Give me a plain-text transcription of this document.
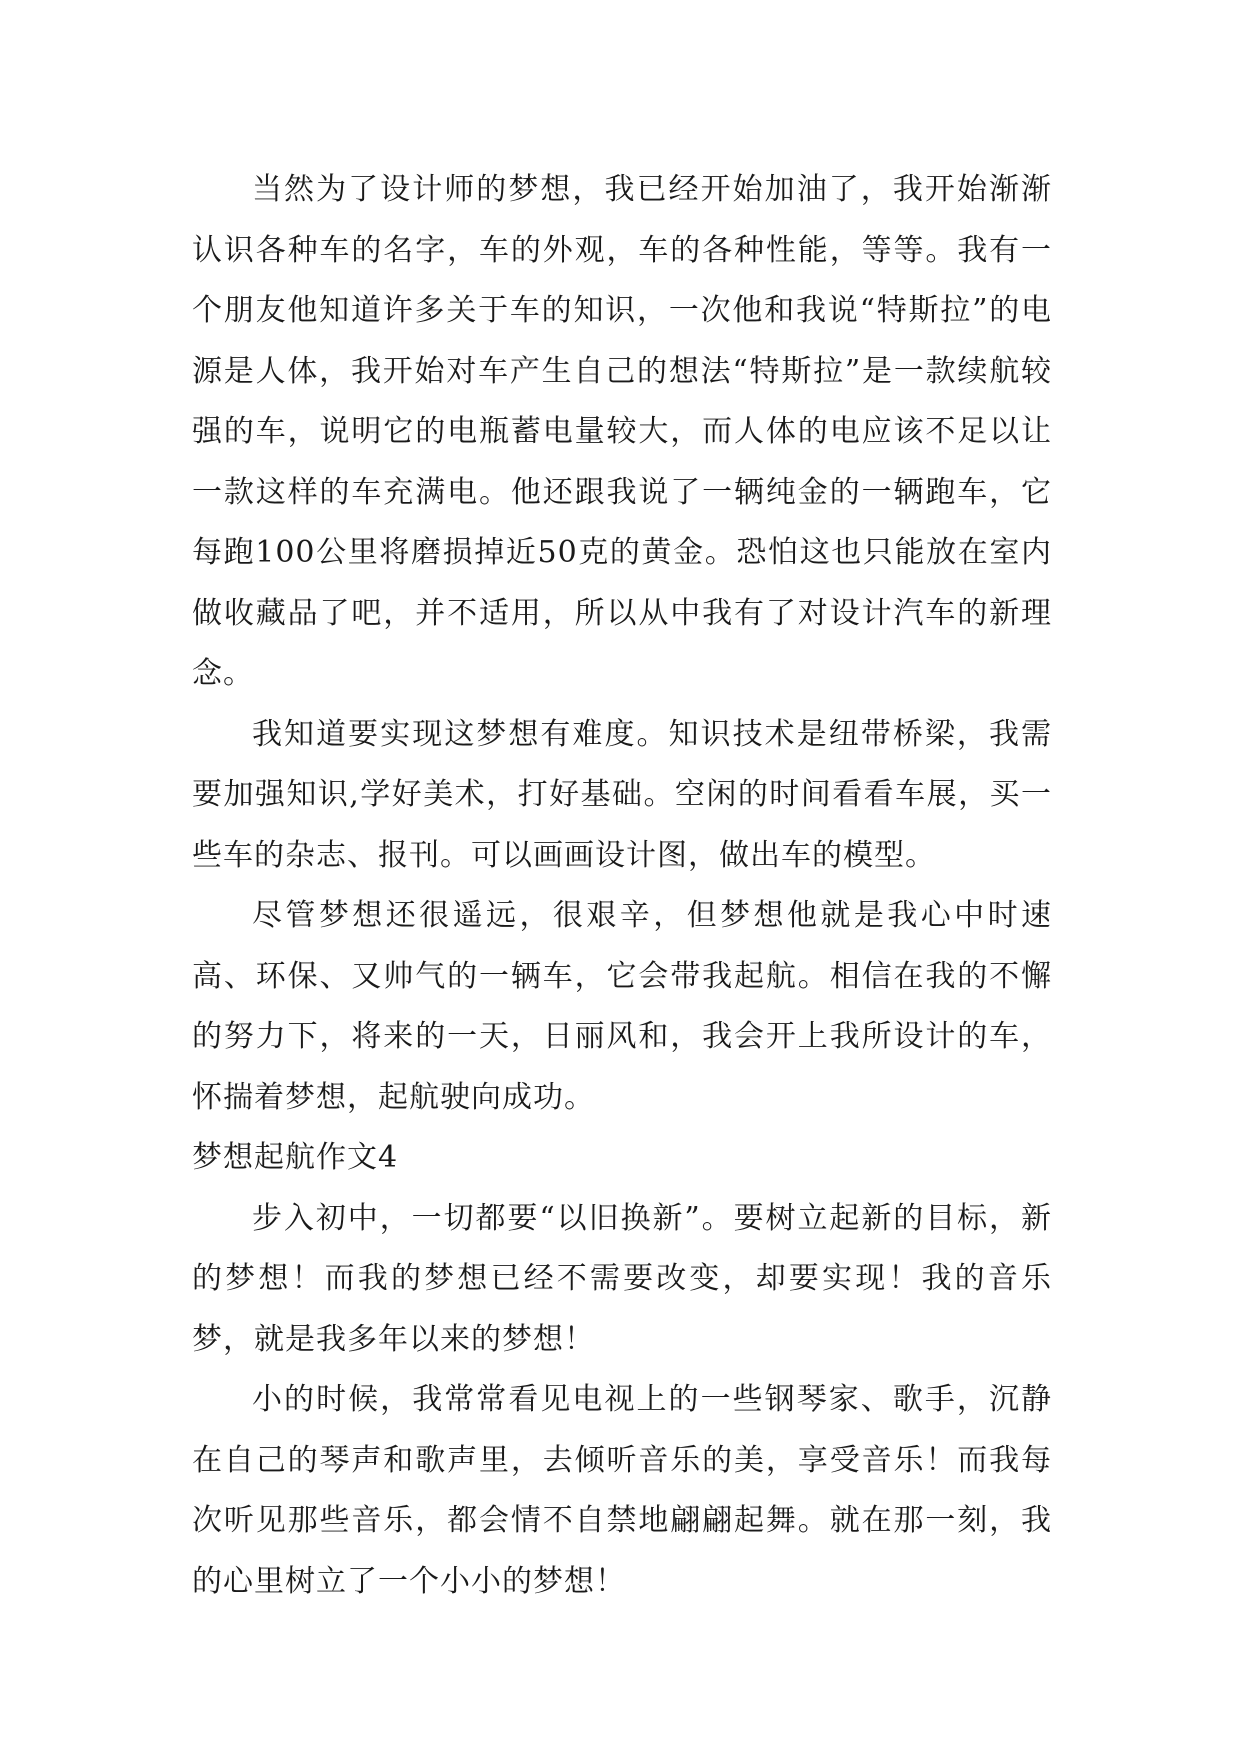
当然为了设计师的梦想，我已经开始加油了，我开始渐渐认识各种车的名字，车的外观，车的各种性能，等等。我有一个朋友他知道许多关于车的知识，一次他和我说“特斯拉”的电源是人体，我开始对车产生自己的想法“特斯拉”是一款续航较强的车，说明它的电瓶蓄电量较大，而人体的电应该不足以让一款这样的车充满电。他还跟我说了一辆纯金的一辆跑车，它每跑100公里将磨损掉近50克的黄金。恐怕这也只能放在室内做收藏品了吧，并不适用，所以从中我有了对设计汽车的新理念。

我知道要实现这梦想有难度。知识技术是纽带桥梁，我需要加强知识,学好美术，打好基础。空闲的时间看看车展，买一些车的杂志、报刊。可以画画设计图，做出车的模型。

尽管梦想还很遥远，很艰辛，但梦想他就是我心中时速高、环保、又帅气的一辆车，它会带我起航。相信在我的不懈的努力下，将来的一天，日丽风和，我会开上我所设计的车，怀揣着梦想，起航驶向成功。

梦想起航作文4

步入初中，一切都要“以旧换新”。要树立起新的目标，新的梦想！而我的梦想已经不需要改变，却要实现！我的音乐梦，就是我多年以来的梦想！

小的时候，我常常看见电视上的一些钢琴家、歌手，沉静在自己的琴声和歌声里，去倾听音乐的美，享受音乐！而我每次听见那些音乐，都会情不自禁地翩翩起舞。就在那一刻，我的心里树立了一个小小的梦想！
